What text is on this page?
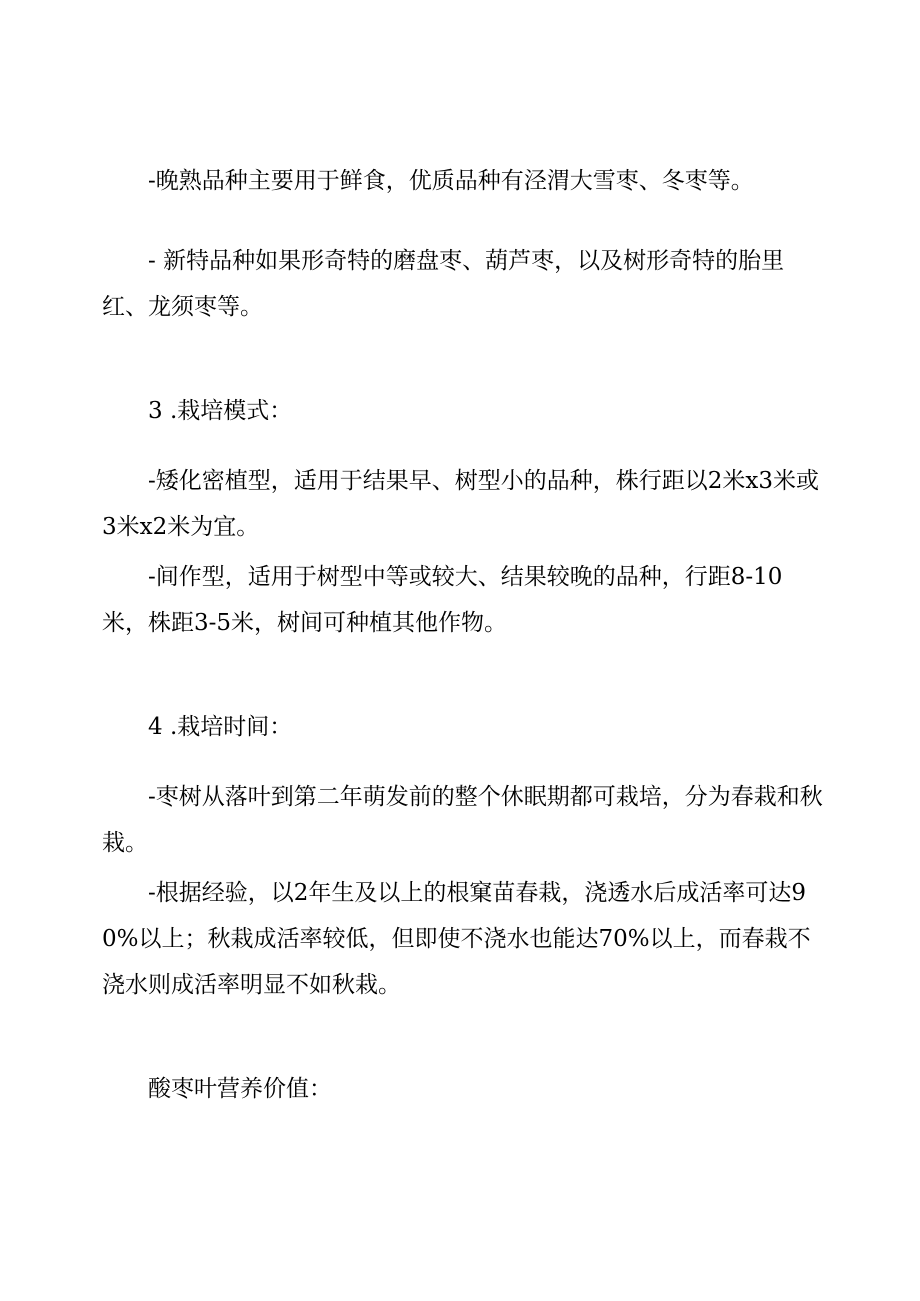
-晚熟品种主要用于鲜食，优质品种有泾渭大雪枣、冬枣等。

- 新特品种如果形奇特的磨盘枣、葫芦枣，以及树形奇特的胎里红、龙须枣等。

3 .栽培模式：

-矮化密植型，适用于结果早、树型小的品种，株行距以2米x3米或3米x2米为宜。

-间作型，适用于树型中等或较大、结果较晚的品种，行距8-10米，株距3-5米，树间可种植其他作物。

4 .栽培时间：

-枣树从落叶到第二年萌发前的整个休眠期都可栽培，分为春栽和秋栽。

-根据经验，以2年生及以上的根窠苗春栽，浇透水后成活率可达90%以上；秋栽成活率较低，但即使不浇水也能达70%以上，而春栽不浇水则成活率明显不如秋栽。

酸枣叶营养价值：
